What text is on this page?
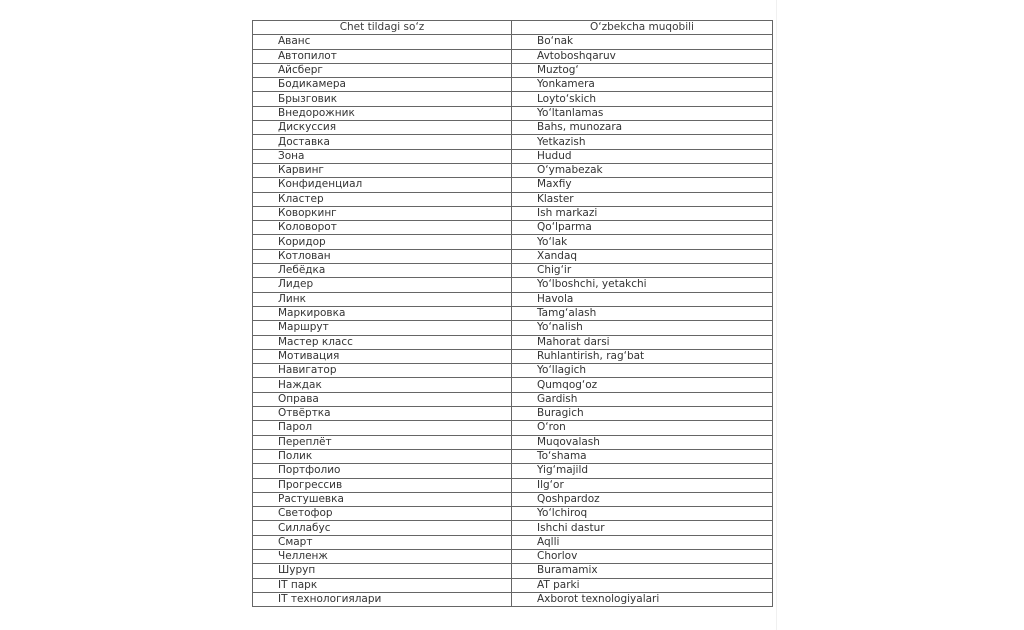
Chet tildagi so‘z	O‘zbekcha muqobili
Аванс	Bo‘nak
Автопилот	Avtoboshqaruv
Айсберг	Muztog‘
Бодикамера	Yonkamera
Брызговик	Loyto‘skich
Внедорожник	Yo‘ltanlamas
Дискуссия	Bahs, munozara
Доставка	Yetkazish
Зона	Hudud
Карвинг	O‘ymabezak
Конфиденциал	Maxfiy
Кластер	Klaster
Коворкинг	Ish markazi
Коловорот	Qo‘lparma
Коридор	Yo‘lak
Котлован	Xandaq
Лебёдка	Chig‘ir
Лидер	Yo‘lboshchi, yetakchi
Линк	Havola
Маркировка	Tamg‘alash
Маршрут	Yo‘nalish
Мастер класс	Mahorat darsi
Мотивация	Ruhlantirish, rag‘bat
Навигатор	Yo‘llagich
Наждак	Qumqog‘oz
Оправа	Gardish
Отвёртка	Buragich
Парол	O‘ron
Переплёт	Muqovalash
Полик	To‘shama
Портфолио	Yig‘majild
Прогрессив	Ilg‘or
Растушевка	Qoshpardoz
Светофор	Yo‘lchiroq
Силлабус	Ishchi dastur
Смарт	Aqlli
Челленж	Chorlov
Шуруп	Buramamix
IT парк	AT parki
IT технологиялари	Axborot texnologiyalari
